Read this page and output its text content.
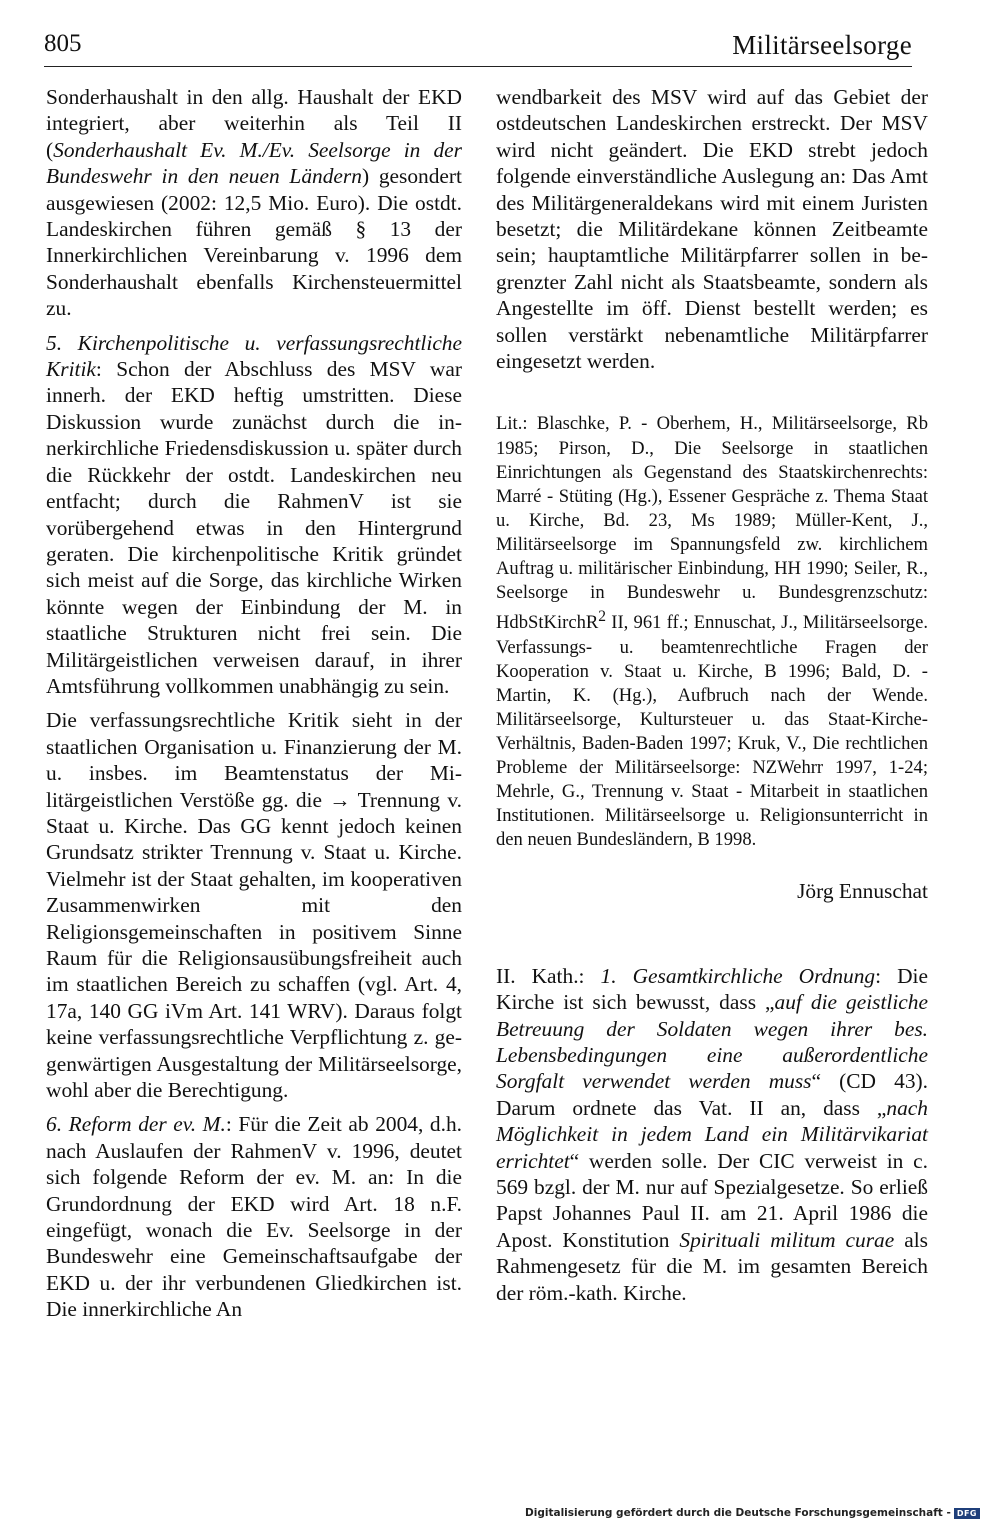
805	Militärseelsorge

Sonderhaushalt in den allg. Haushalt der EKD integriert, aber weiterhin als Teil II (Sonderhaushalt Ev. M./Ev. Seelsorge in der Bundeswehr in den neuen Ländern) gesondert ausgewiesen (2002: 12,5 Mio. Euro). Die ostdt. Landeskirchen führen gemäß § 13 der Innerkirchlichen Vereinbarung v. 1996 dem Sonderhaushalt ebenfalls Kirchensteuermittel zu.

5. Kirchenpolitische u. verfassungsrechtliche Kritik: Schon der Abschluss des MSV war innerh. der EKD heftig umstritten. Diese Diskussion wurde zunächst durch die innerkirchliche Friedensdiskussion u. später durch die Rückkehr der ostdt. Landeskirchen neu entfacht; durch die RahmenV ist sie vorübergehend etwas in den Hintergrund geraten. Die kirchenpolitische Kritik gründet sich meist auf die Sorge, das kirchliche Wirken könnte wegen der Einbindung der M. in staatliche Strukturen nicht frei sein. Die Militärgeistlichen verweisen darauf, in ihrer Amtsführung vollkommen unabhängig zu sein.

Die verfassungsrechtliche Kritik sieht in der staatlichen Organisation u. Finanzierung der M. u. insbes. im Beamtenstatus der Militärgeistlichen Verstöße gg. die → Trennung v. Staat u. Kirche. Das GG kennt jedoch keinen Grundsatz strikter Trennung v. Staat u. Kirche. Vielmehr ist der Staat gehalten, im kooperativen Zusammenwirken mit den Religionsgemeinschaften in positivem Sinne Raum für die Religionsausübungsfreiheit auch im staatlichen Bereich zu schaffen (vgl. Art. 4, 17a, 140 GG iVm Art. 141 WRV). Daraus folgt keine verfassungsrechtliche Verpflichtung z. gegenwärtigen Ausgestaltung der Militärseelsorge, wohl aber die Berechtigung.

6. Reform der ev. M.: Für die Zeit ab 2004, d.h. nach Auslaufen der RahmenV v. 1996, deutet sich folgende Reform der ev. M. an: In die Grundordnung der EKD wird Art. 18 n.F. eingefügt, wonach die Ev. Seelsorge in der Bundeswehr eine Gemeinschaftsaufgabe der EKD u. der ihr verbundenen Gliedkirchen ist. Die innerkirchliche An

wendbarkeit des MSV wird auf das Gebiet der ostdeutschen Landeskirchen erstreckt. Der MSV wird nicht geändert. Die EKD strebt jedoch folgende einverständliche Auslegung an: Das Amt des Militärgeneraldekans wird mit einem Juristen besetzt; die Militärdekane können Zeitbeamte sein; hauptamtliche Militärpfarrer sollen in begrenzter Zahl nicht als Staatsbeamte, sondern als Angestellte im öff. Dienst bestellt werden; es sollen verstärkt nebenamtliche Militärpfarrer eingesetzt werden.

Lit.: Blaschke, P. - Oberhem, H., Militärseelsorge, Rb 1985; Pirson, D., Die Seelsorge in staatlichen Einrichtungen als Gegenstand des Staatskirchenrechts: Marré - Stüting (Hg.), Essener Gespräche z. Thema Staat u. Kirche, Bd. 23, Ms 1989; Müller-Kent, J., Militärseelsorge im Spannungsfeld zw. kirchlichem Auftrag u. militärischer Einbindung, HH 1990; Seiler, R., Seelsorge in Bundeswehr u. Bundesgrenzschutz: HdbStKirchR$^2$ II, 961 ff.; Ennuschat, J., Militärseelsorge. Verfassungs- u. beamtenrechtliche Fragen der Kooperation v. Staat u. Kirche, B 1996; Bald, D. - Martin, K. (Hg.), Aufbruch nach der Wende. Militärseelsorge, Kultursteuer u. das Staat-Kirche-Verhältnis, Baden-Baden 1997; Kruk, V., Die rechtlichen Probleme der Militärseelsorge: NZWehrr 1997, 1-24; Mehrle, G., Trennung v. Staat - Mitarbeit in staatlichen Institutionen. Militärseelsorge u. Religionsunterricht in den neuen Bundesländern, B 1998.

Jörg Ennuschat

II. Kath.: 1. Gesamtkirchliche Ordnung: Die Kirche ist sich bewusst, dass „auf die geistliche Betreuung der Soldaten wegen ihrer bes. Lebensbedingungen eine außerordentliche Sorgfalt verwendet werden muss“ (CD 43). Darum ordnete das Vat. II an, dass „nach Möglichkeit in jedem Land ein Militärvikariat errichtet“ werden solle. Der CIC verweist in c. 569 bzgl. der M. nur auf Spezialgesetze. So erließ Papst Johannes Paul II. am 21. April 1986 die Apost. Konstitution Spirituali militum curae als Rahmengesetz für die M. im gesamten Bereich der röm.-kath. Kirche.

Digitalisierung gefördert durch die Deutsche Forschungsgemeinschaft - DFG
